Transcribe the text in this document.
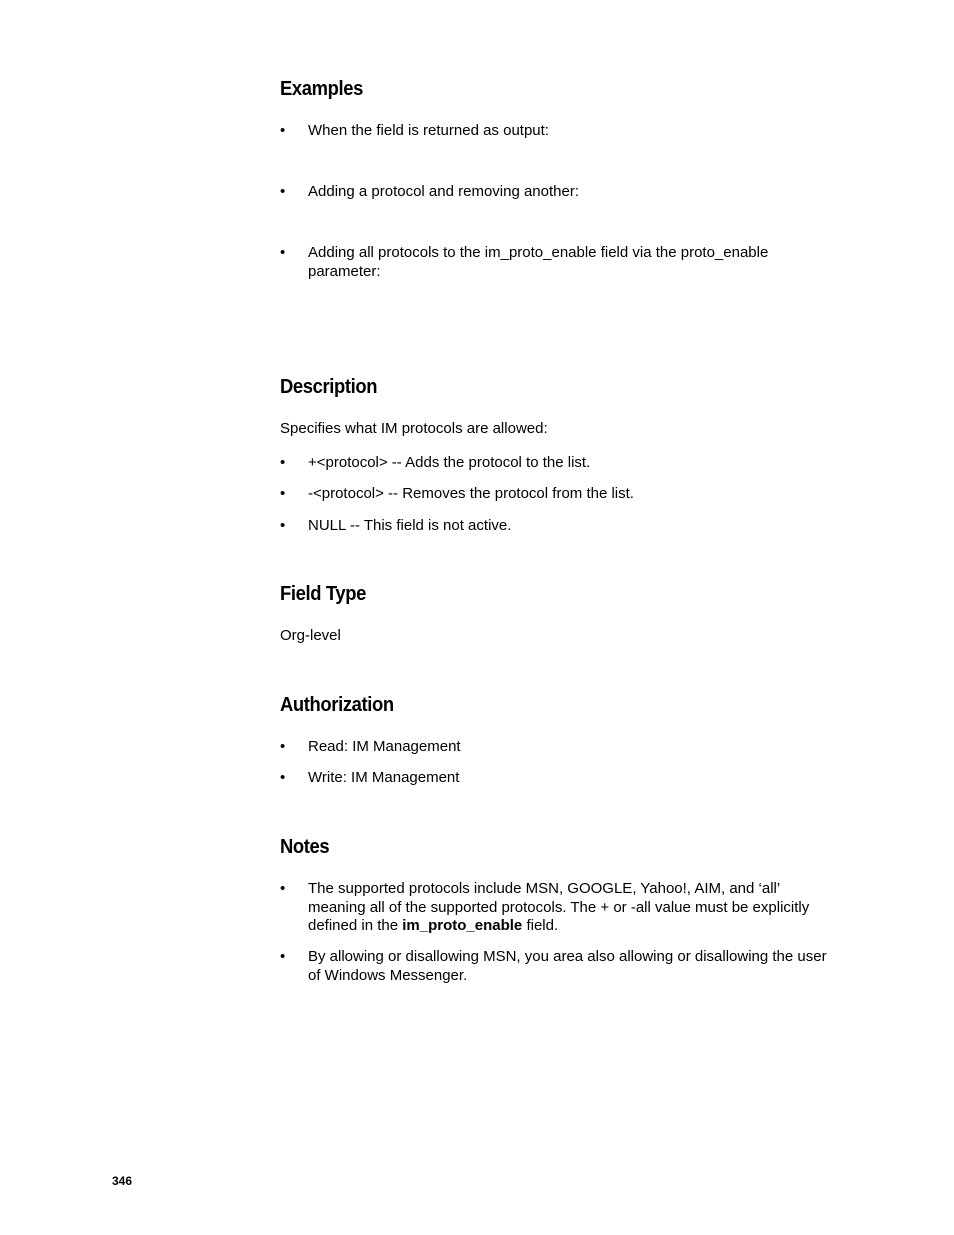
Examples
•	When the field is returned as output:
•	Adding a protocol and removing another:
•	Adding all protocols to the im_proto_enable field via the proto_enable parameter:
Description

Specifies what IM protocols are allowed:

•	+<protocol> -- Adds the protocol to the list.
•	-<protocol> -- Removes the protocol from the list.
•	NULL -- This field is not active.
Field Type

Org-level

Authorization
•	Read: IM Management
•	Write: IM Management
Notes
•	The supported protocols include MSN, GOOGLE, Yahoo!, AIM, and ‘all’ meaning all of the supported protocols. The + or -all value must be explicitly defined in the im_proto_enable field.
•	By allowing or disallowing MSN, you area also allowing or disallowing the user of Windows Messenger.
346
